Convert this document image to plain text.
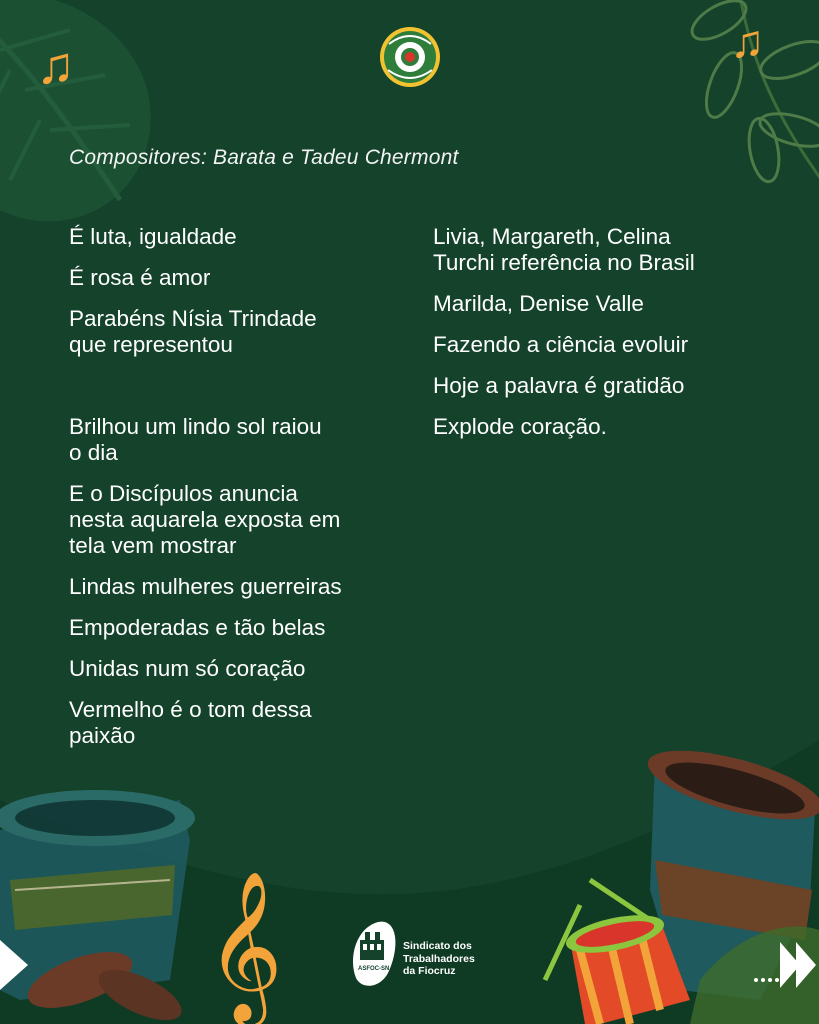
♫	♫
Compositores: Barata e Tadeu Chermont

É luta, igualdade

É rosa é amor

Parabéns Nísia Trindade
que representou

Brilhou um lindo sol raiou
o dia

E o Discípulos anuncia
nesta aquarela exposta em
tela vem mostrar

Lindas mulheres guerreiras

Empoderadas e tão belas

Unidas num só coração

Vermelho é o tom dessa
paixão

Livia, Margareth, Celina
Turchi referência no Brasil

Marilda, Denise Valle

Fazendo a ciência evoluir

Hoje a palavra é gratidão

Explode coração.

𝄞	ASFOC-SN
Sindicato dos
Trabalhadores
da Fiocruz
